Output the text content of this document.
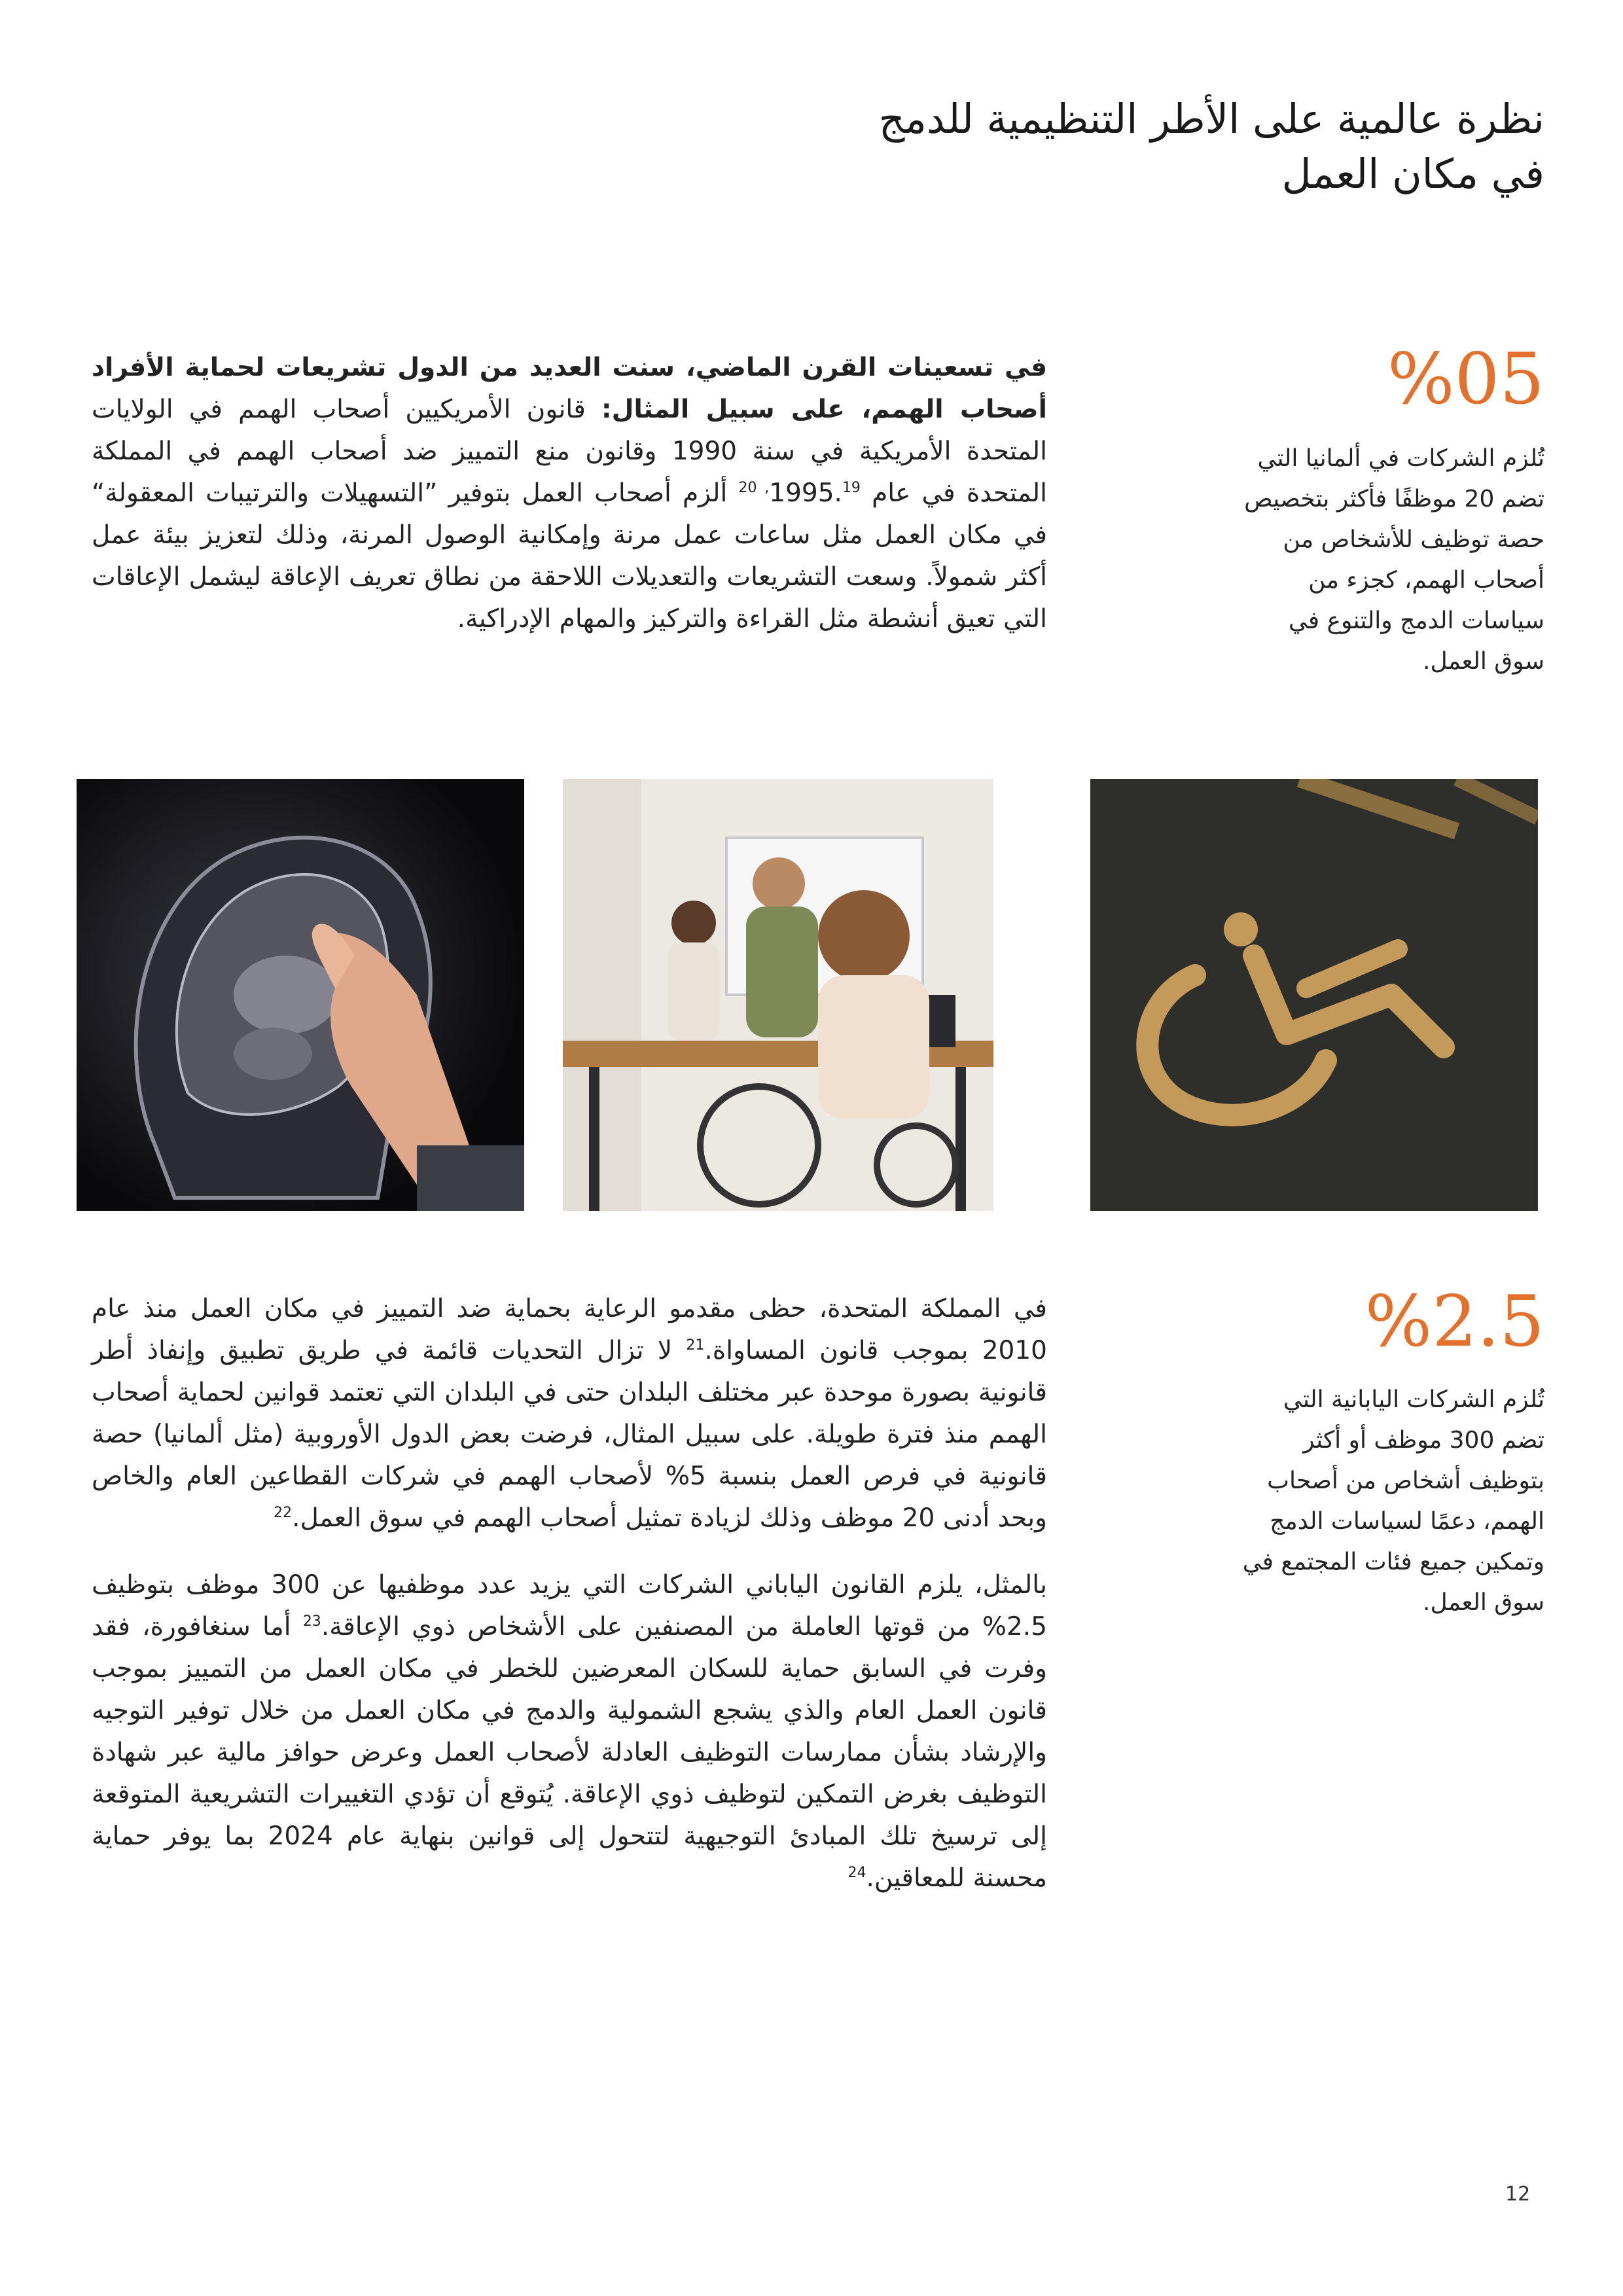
نظرة عالمية على الأطر التنظيمية للدمج
في مكان العمل
في تسعينات القرن الماضي، سنت العديد من الدول تشريعات لحماية الأفراد أصحاب الهمم، على سبيل المثال: قانون الأمريكيين أصحاب الهمم في الولايات المتحدة الأمريكية في سنة 1990 وقانون منع التمييز ضد أصحاب الهمم في المملكة المتحدة في عام 1995.$^{19, 20}$ ألزم أصحاب العمل بتوفير ”التسهيلات والترتيبات المعقولة“ في مكان العمل مثل ساعات عمل مرنة وإمكانية الوصول المرنة، وذلك لتعزيز بيئة عمل أكثر شمولاً. وسعت التشريعات والتعديلات اللاحقة من نطاق تعريف الإعاقة ليشمل الإعاقات التي تعيق أنشطة مثل القراءة والتركيز والمهام الإدراكية.
%05
تُلزم الشركات في ألمانيا التي تضم 20 موظفًا فأكثر بتخصيص حصة توظيف للأشخاص من أصحاب الهمم، كجزء من سياسات الدمج والتنوع في سوق العمل.
في المملكة المتحدة، حظى مقدمو الرعاية بحماية ضد التمييز في مكان العمل منذ عام 2010 بموجب قانون المساواة.$^{21}$ لا تزال التحديات قائمة في طريق تطبيق وإنفاذ أطر قانونية بصورة موحدة عبر مختلف البلدان حتى في البلدان التي تعتمد قوانين لحماية أصحاب الهمم منذ فترة طويلة. على سبيل المثال، فرضت بعض الدول الأوروبية (مثل ألمانيا) حصة قانونية في فرص العمل بنسبة 5% لأصحاب الهمم في شركات القطاعين العام والخاص وبحد أدنى 20 موظف وذلك لزيادة تمثيل أصحاب الهمم في سوق العمل.$^{22}$
بالمثل، يلزم القانون الياباني الشركات التي يزيد عدد موظفيها عن 300 موظف بتوظيف 2.5% من قوتها العاملة من المصنفين على الأشخاص ذوي الإعاقة.$^{23}$ أما سنغافورة، فقد وفرت في السابق حماية للسكان المعرضين للخطر في مكان العمل من التمييز بموجب قانون العمل العام والذي يشجع الشمولية والدمج في مكان العمل من خلال توفير التوجيه والإرشاد بشأن ممارسات التوظيف العادلة لأصحاب العمل وعرض حوافز مالية عبر شهادة التوظيف بغرض التمكين لتوظيف ذوي الإعاقة. يُتوقع أن تؤدي التغييرات التشريعية المتوقعة إلى ترسيخ تلك المبادئ التوجيهية لتتحول إلى قوانين بنهاية عام 2024 بما يوفر حماية محسنة للمعاقين.$^{24}$
%2.5
تُلزم الشركات اليابانية التي تضم 300 موظف أو أكثر بتوظيف أشخاص من أصحاب الهمم، دعمًا لسياسات الدمج وتمكين جميع فئات المجتمع في سوق العمل.
12
